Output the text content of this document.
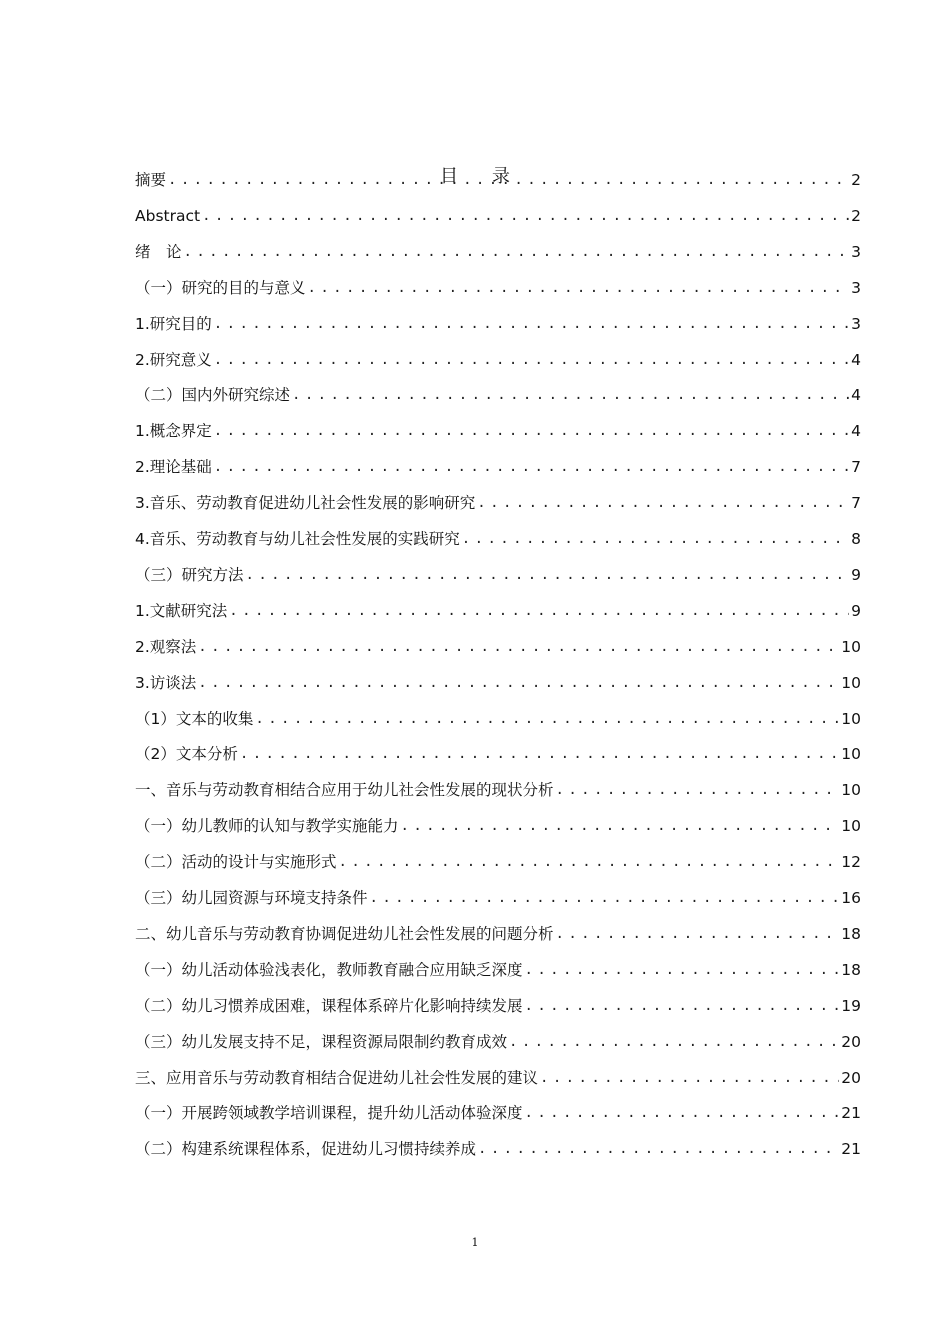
目 录
摘要 .....	2
Abstract .....	2
绪　论 .....	3
（一）研究的目的与意义 .....	3
1.研究目的 .....	3
2.研究意义 .....	4
（二）国内外研究综述 .....	4
1.概念界定 .....	4
2.理论基础 .....	7
3.音乐、劳动教育促进幼儿社会性发展的影响研究 .....	7
4.音乐、劳动教育与幼儿社会性发展的实践研究 .....	8
（三）研究方法 .....	9
1.文献研究法 .....	9
2.观察法 .....	10
3.访谈法 .....	10
（1）文本的收集 .....	10
（2）文本分析 .....	10
一、音乐与劳动教育相结合应用于幼儿社会性发展的现状分析 .....	10
（一）幼儿教师的认知与教学实施能力 .....	10
（二）活动的设计与实施形式 .....	12
（三）幼儿园资源与环境支持条件 .....	16
二、幼儿音乐与劳动教育协调促进幼儿社会性发展的问题分析 .....	18
（一）幼儿活动体验浅表化，教师教育融合应用缺乏深度 .....	18
（二）幼儿习惯养成困难，课程体系碎片化影响持续发展 .....	19
（三）幼儿发展支持不足，课程资源局限制约教育成效 .....	20
三、应用音乐与劳动教育相结合促进幼儿社会性发展的建议 .....	20
（一）开展跨领域教学培训课程，提升幼儿活动体验深度 .....	21
（二）构建系统课程体系，促进幼儿习惯持续养成 .....	21
1
